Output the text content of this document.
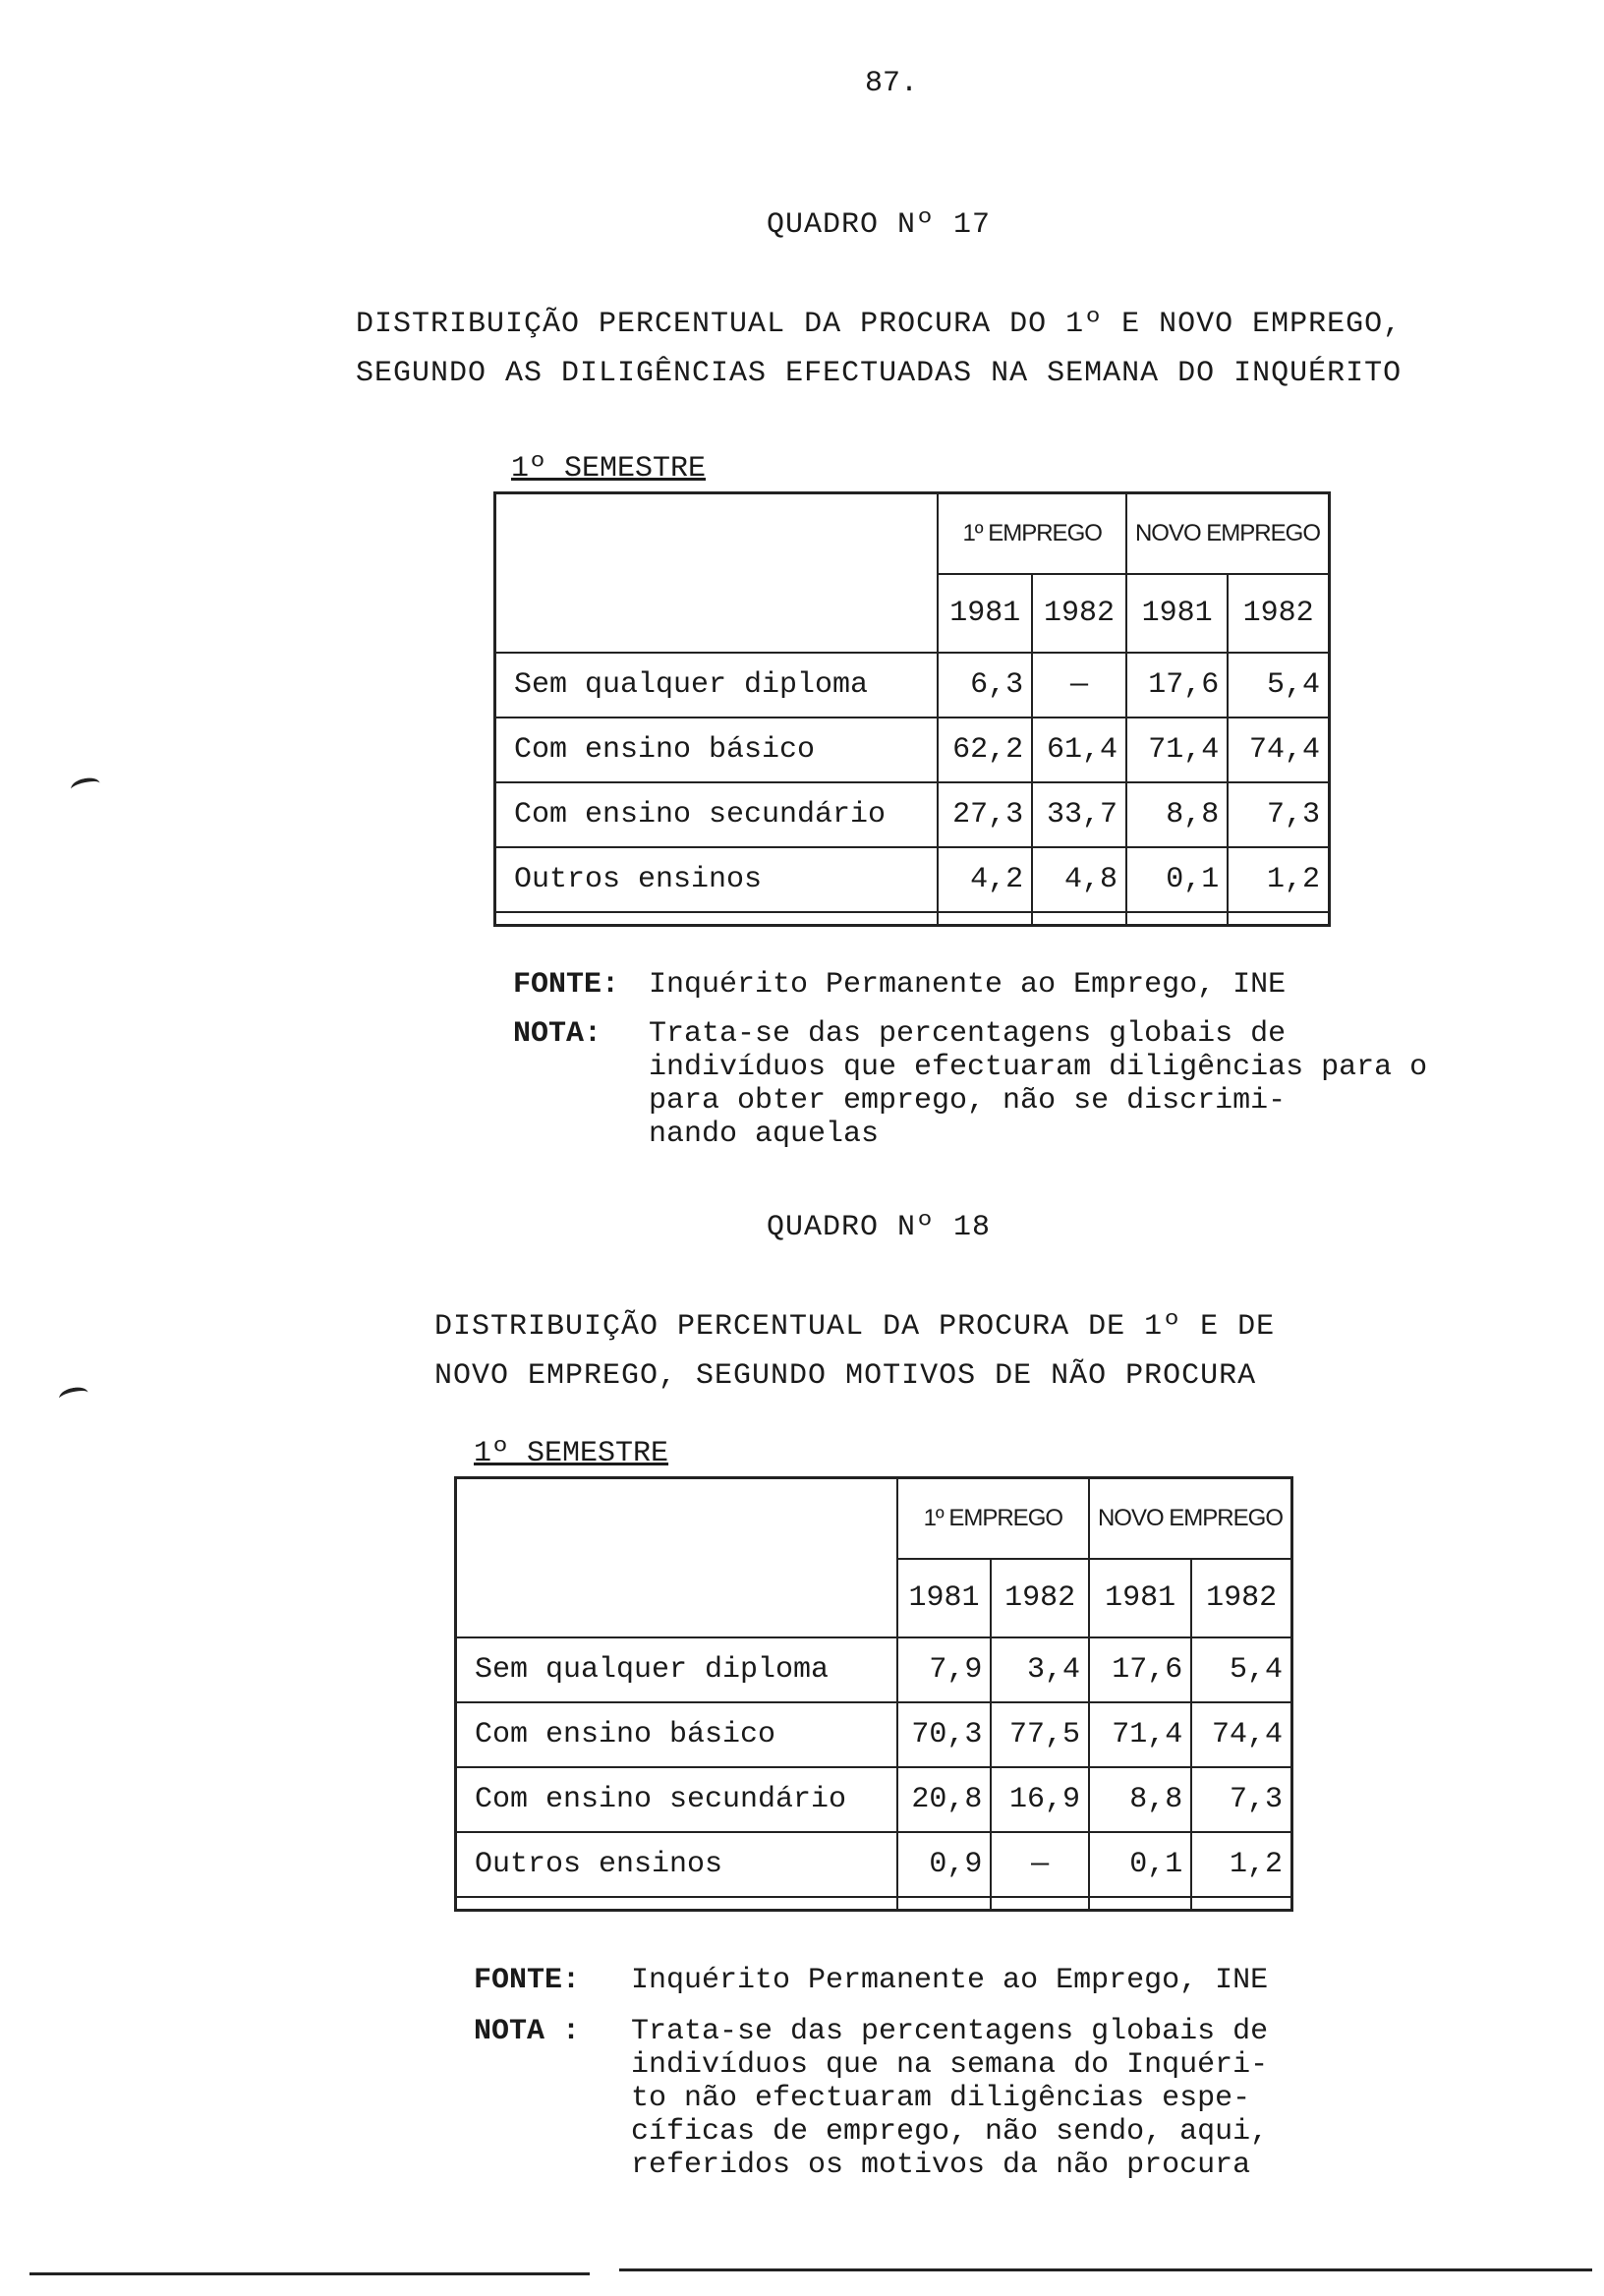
87.
QUADRO Nº 17
DISTRIBUIÇÃO PERCENTUAL DA PROCURA DO 1º E NOVO EMPREGO,
SEGUNDO AS DILIGÊNCIAS EFECTUADAS NA SEMANA DO INQUÉRITO
1º SEMESTRE
	1º EMPREGO		NOVO EMPREGO	
	1981	1982	1981	1982
Sem qualquer diploma	6,3	—	17,6	5,4
Com ensino básico	62,2	61,4	71,4	74,4
Com ensino secundário	27,3	33,7	8,8	7,3
Outros ensinos	4,2	4,8	0,1	1,2

FONTE: Inquérito Permanente ao Emprego, INE
NOTA: Trata-se das percentagens globais de
indivíduos que efectuaram diligências para o
para obter emprego, não se discrimi-
nando aquelas
QUADRO Nº 18
DISTRIBUIÇÃO PERCENTUAL DA PROCURA DE 1º E DE
NOVO EMPREGO, SEGUNDO MOTIVOS DE NÃO PROCURA
1º SEMESTRE
	1º EMPREGO		NOVO EMPREGO	
	1981	1982	1981	1982
Sem qualquer diploma	7,9	3,4	17,6	5,4
Com ensino básico	70,3	77,5	71,4	74,4
Com ensino secundário	20,8	16,9	8,8	7,3
Outros ensinos	0,9	—	0,1	1,2

FONTE: Inquérito Permanente ao Emprego, INE
NOTA : Trata-se das percentagens globais de
indivíduos que na semana do Inquéri-
to não efectuaram diligências espe-
cíficas de emprego, não sendo, aqui,
referidos os motivos da não procura
